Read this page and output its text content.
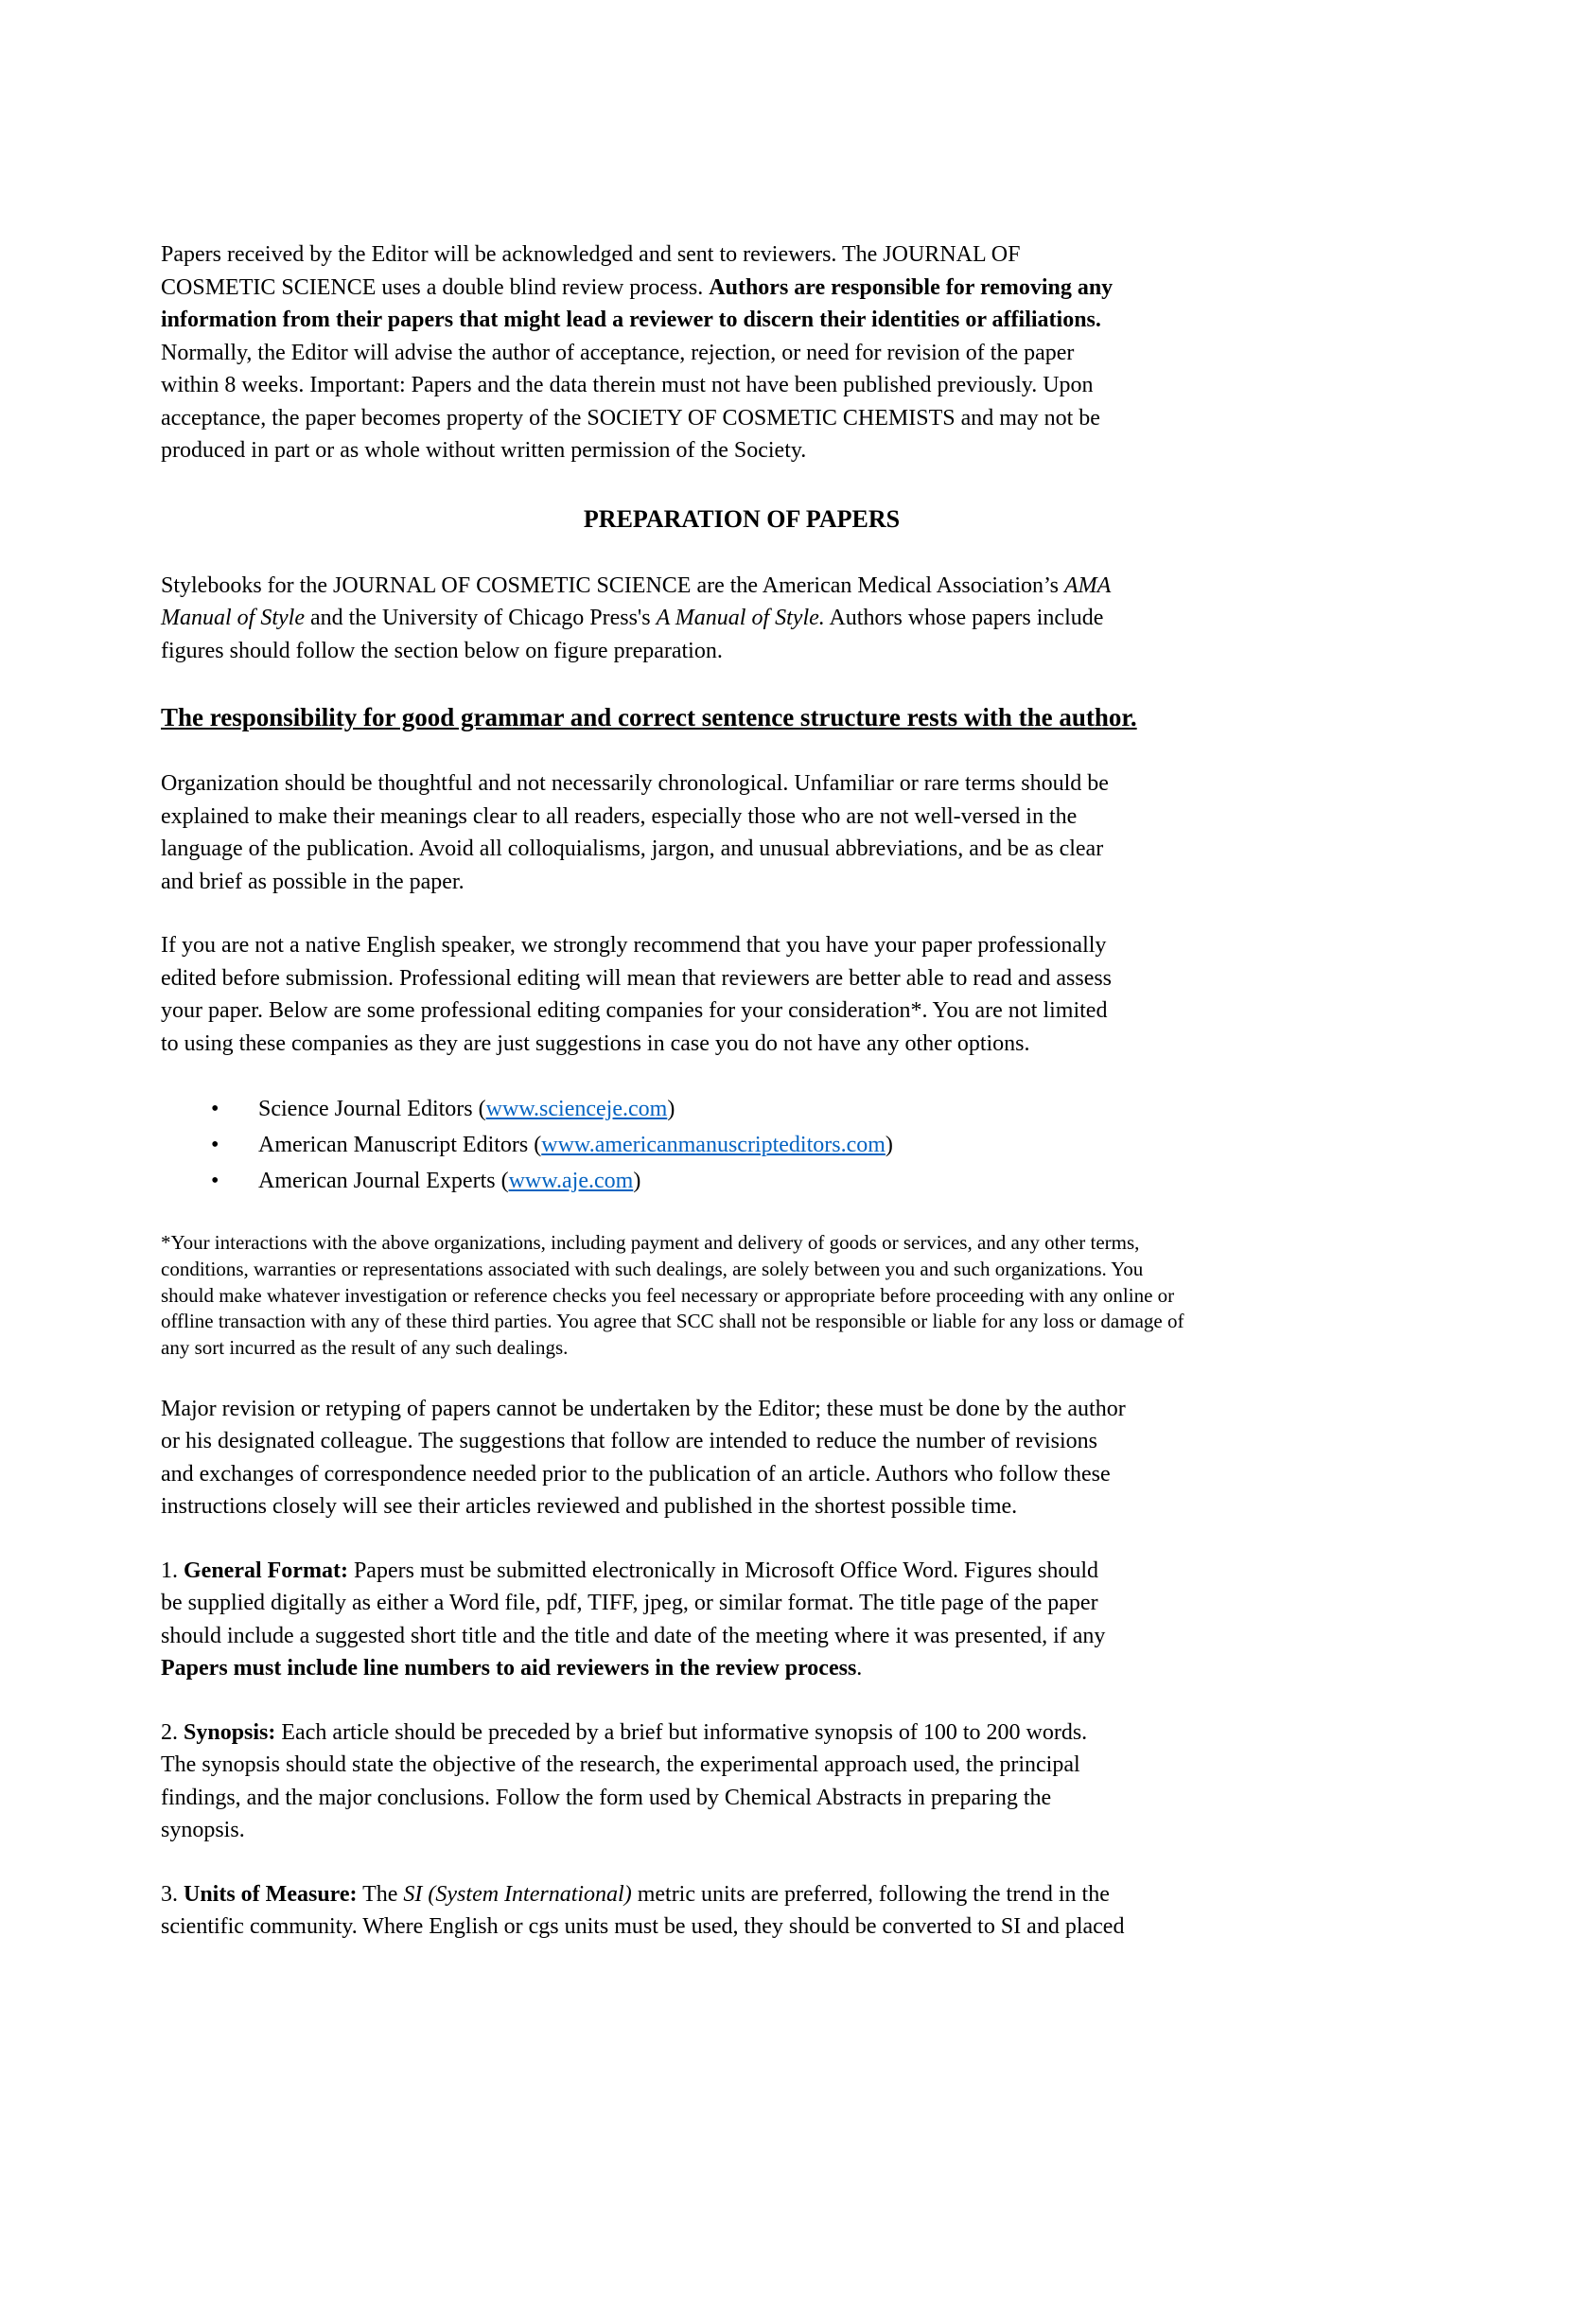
Papers received by the Editor will be acknowledged and sent to reviewers. The JOURNAL OF
COSMETIC SCIENCE uses a double blind review process. Authors are responsible for removing any
information from their papers that might lead a reviewer to discern their identities or affiliations.
Normally, the Editor will advise the author of acceptance, rejection, or need for revision of the paper
within 8 weeks. Important: Papers and the data therein must not have been published previously. Upon
acceptance, the paper becomes property of the SOCIETY OF COSMETIC CHEMISTS and may not be
produced in part or as whole without written permission of the Society.
PREPARATION OF PAPERS
Stylebooks for the JOURNAL OF COSMETIC SCIENCE are the American Medical Association’s AMA
Manual of Style and the University of Chicago Press's A Manual of Style. Authors whose papers include
figures should follow the section below on figure preparation.
The responsibility for good grammar and correct sentence structure rests with the author.
Organization should be thoughtful and not necessarily chronological. Unfamiliar or rare terms should be
explained to make their meanings clear to all readers, especially those who are not well-versed in the
language of the publication. Avoid all colloquialisms, jargon, and unusual abbreviations, and be as clear
and brief as possible in the paper.
If you are not a native English speaker, we strongly recommend that you have your paper professionally
edited before submission. Professional editing will mean that reviewers are better able to read and assess
your paper. Below are some professional editing companies for your consideration*. You are not limited
to using these companies as they are just suggestions in case you do not have any other options.
• Science Journal Editors (www.scienceje.com)
• American Manuscript Editors (www.americanmanuscripteditors.com)
• American Journal Experts (www.aje.com)
*Your interactions with the above organizations, including payment and delivery of goods or services, and any other terms,
conditions, warranties or representations associated with such dealings, are solely between you and such organizations. You
should make whatever investigation or reference checks you feel necessary or appropriate before proceeding with any online or
offline transaction with any of these third parties. You agree that SCC shall not be responsible or liable for any loss or damage of
any sort incurred as the result of any such dealings.
Major revision or retyping of papers cannot be undertaken by the Editor; these must be done by the author
or his designated colleague. The suggestions that follow are intended to reduce the number of revisions
and exchanges of correspondence needed prior to the publication of an article. Authors who follow these
instructions closely will see their articles reviewed and published in the shortest possible time.
1. General Format: Papers must be submitted electronically in Microsoft Office Word. Figures should
be supplied digitally as either a Word file, pdf, TIFF, jpeg, or similar format. The title page of the paper
should include a suggested short title and the title and date of the meeting where it was presented, if any
Papers must include line numbers to aid reviewers in the review process.
2. Synopsis: Each article should be preceded by a brief but informative synopsis of 100 to 200 words.
The synopsis should state the objective of the research, the experimental approach used, the principal
findings, and the major conclusions. Follow the form used by Chemical Abstracts in preparing the
synopsis.
3. Units of Measure: The SI (System International) metric units are preferred, following the trend in the
scientific community. Where English or cgs units must be used, they should be converted to SI and placed
